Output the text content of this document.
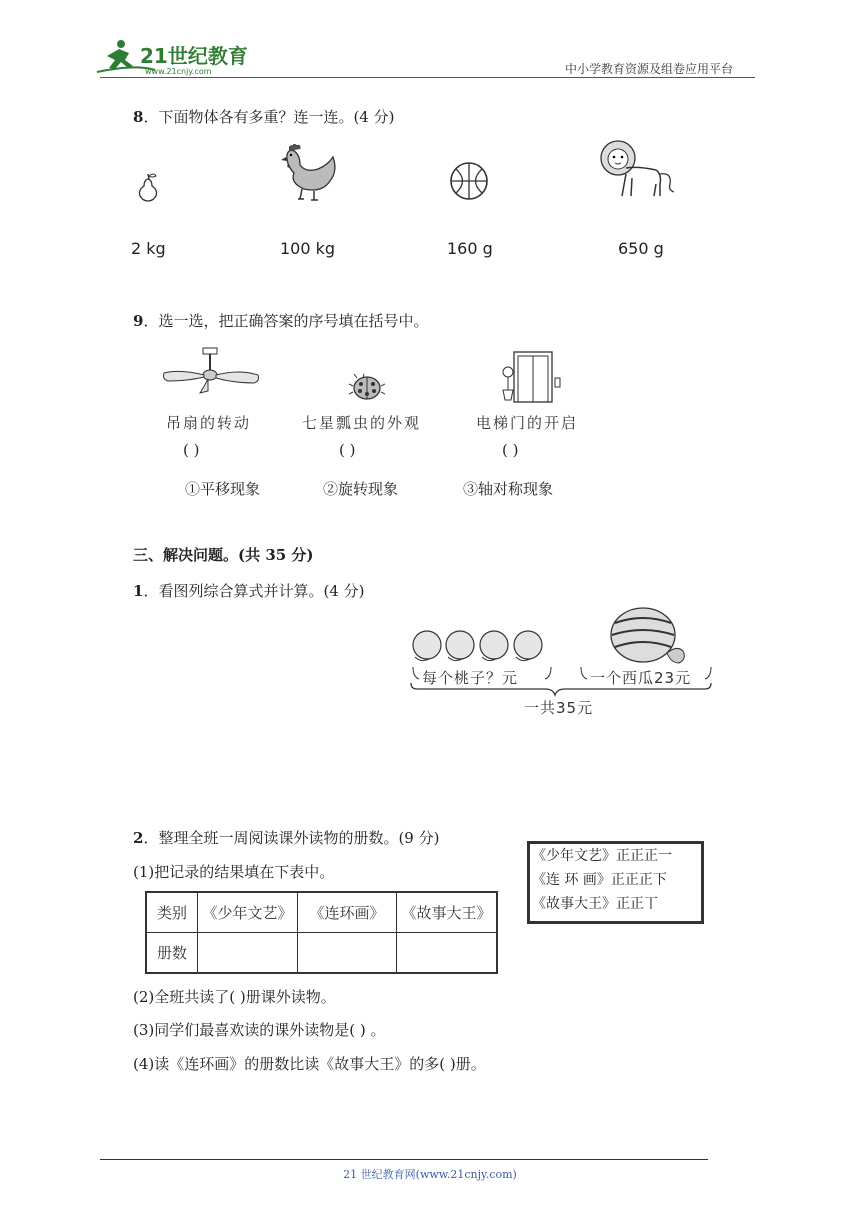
21世纪教育
www.21cnjy.com	中小学教育资源及组卷应用平台
8．下面物体各有多重？连一连。(4 分)
2 kg	100 kg	160 g	650 g
9．选一选，把正确答案的序号填在括号中。
吊扇的转动	七星瓢虫的外观	电梯门的开启
( )	( )	( )
①平移现象	②旋转现象	③轴对称现象
三、解决问题。(共 35 分)
1．看图列综合算式并计算。(4 分)
每个桃子？元	一个西瓜23元
一共35元
2．整理全班一周阅读课外读物的册数。(9 分)
(1)把记录的结果填在下表中。
类别	《少年文艺》	《连环画》	《故事大王》
册数			
《少年文艺》正正正一
《连 环 画》正正正下
《故事大王》正正丅
(2)全班共读了( )册课外读物。
(3)同学们最喜欢读的课外读物是( ) 。
(4)读《连环画》的册数比读《故事大王》的多( )册。
21 世纪教育网(www.21cnjy.com)
